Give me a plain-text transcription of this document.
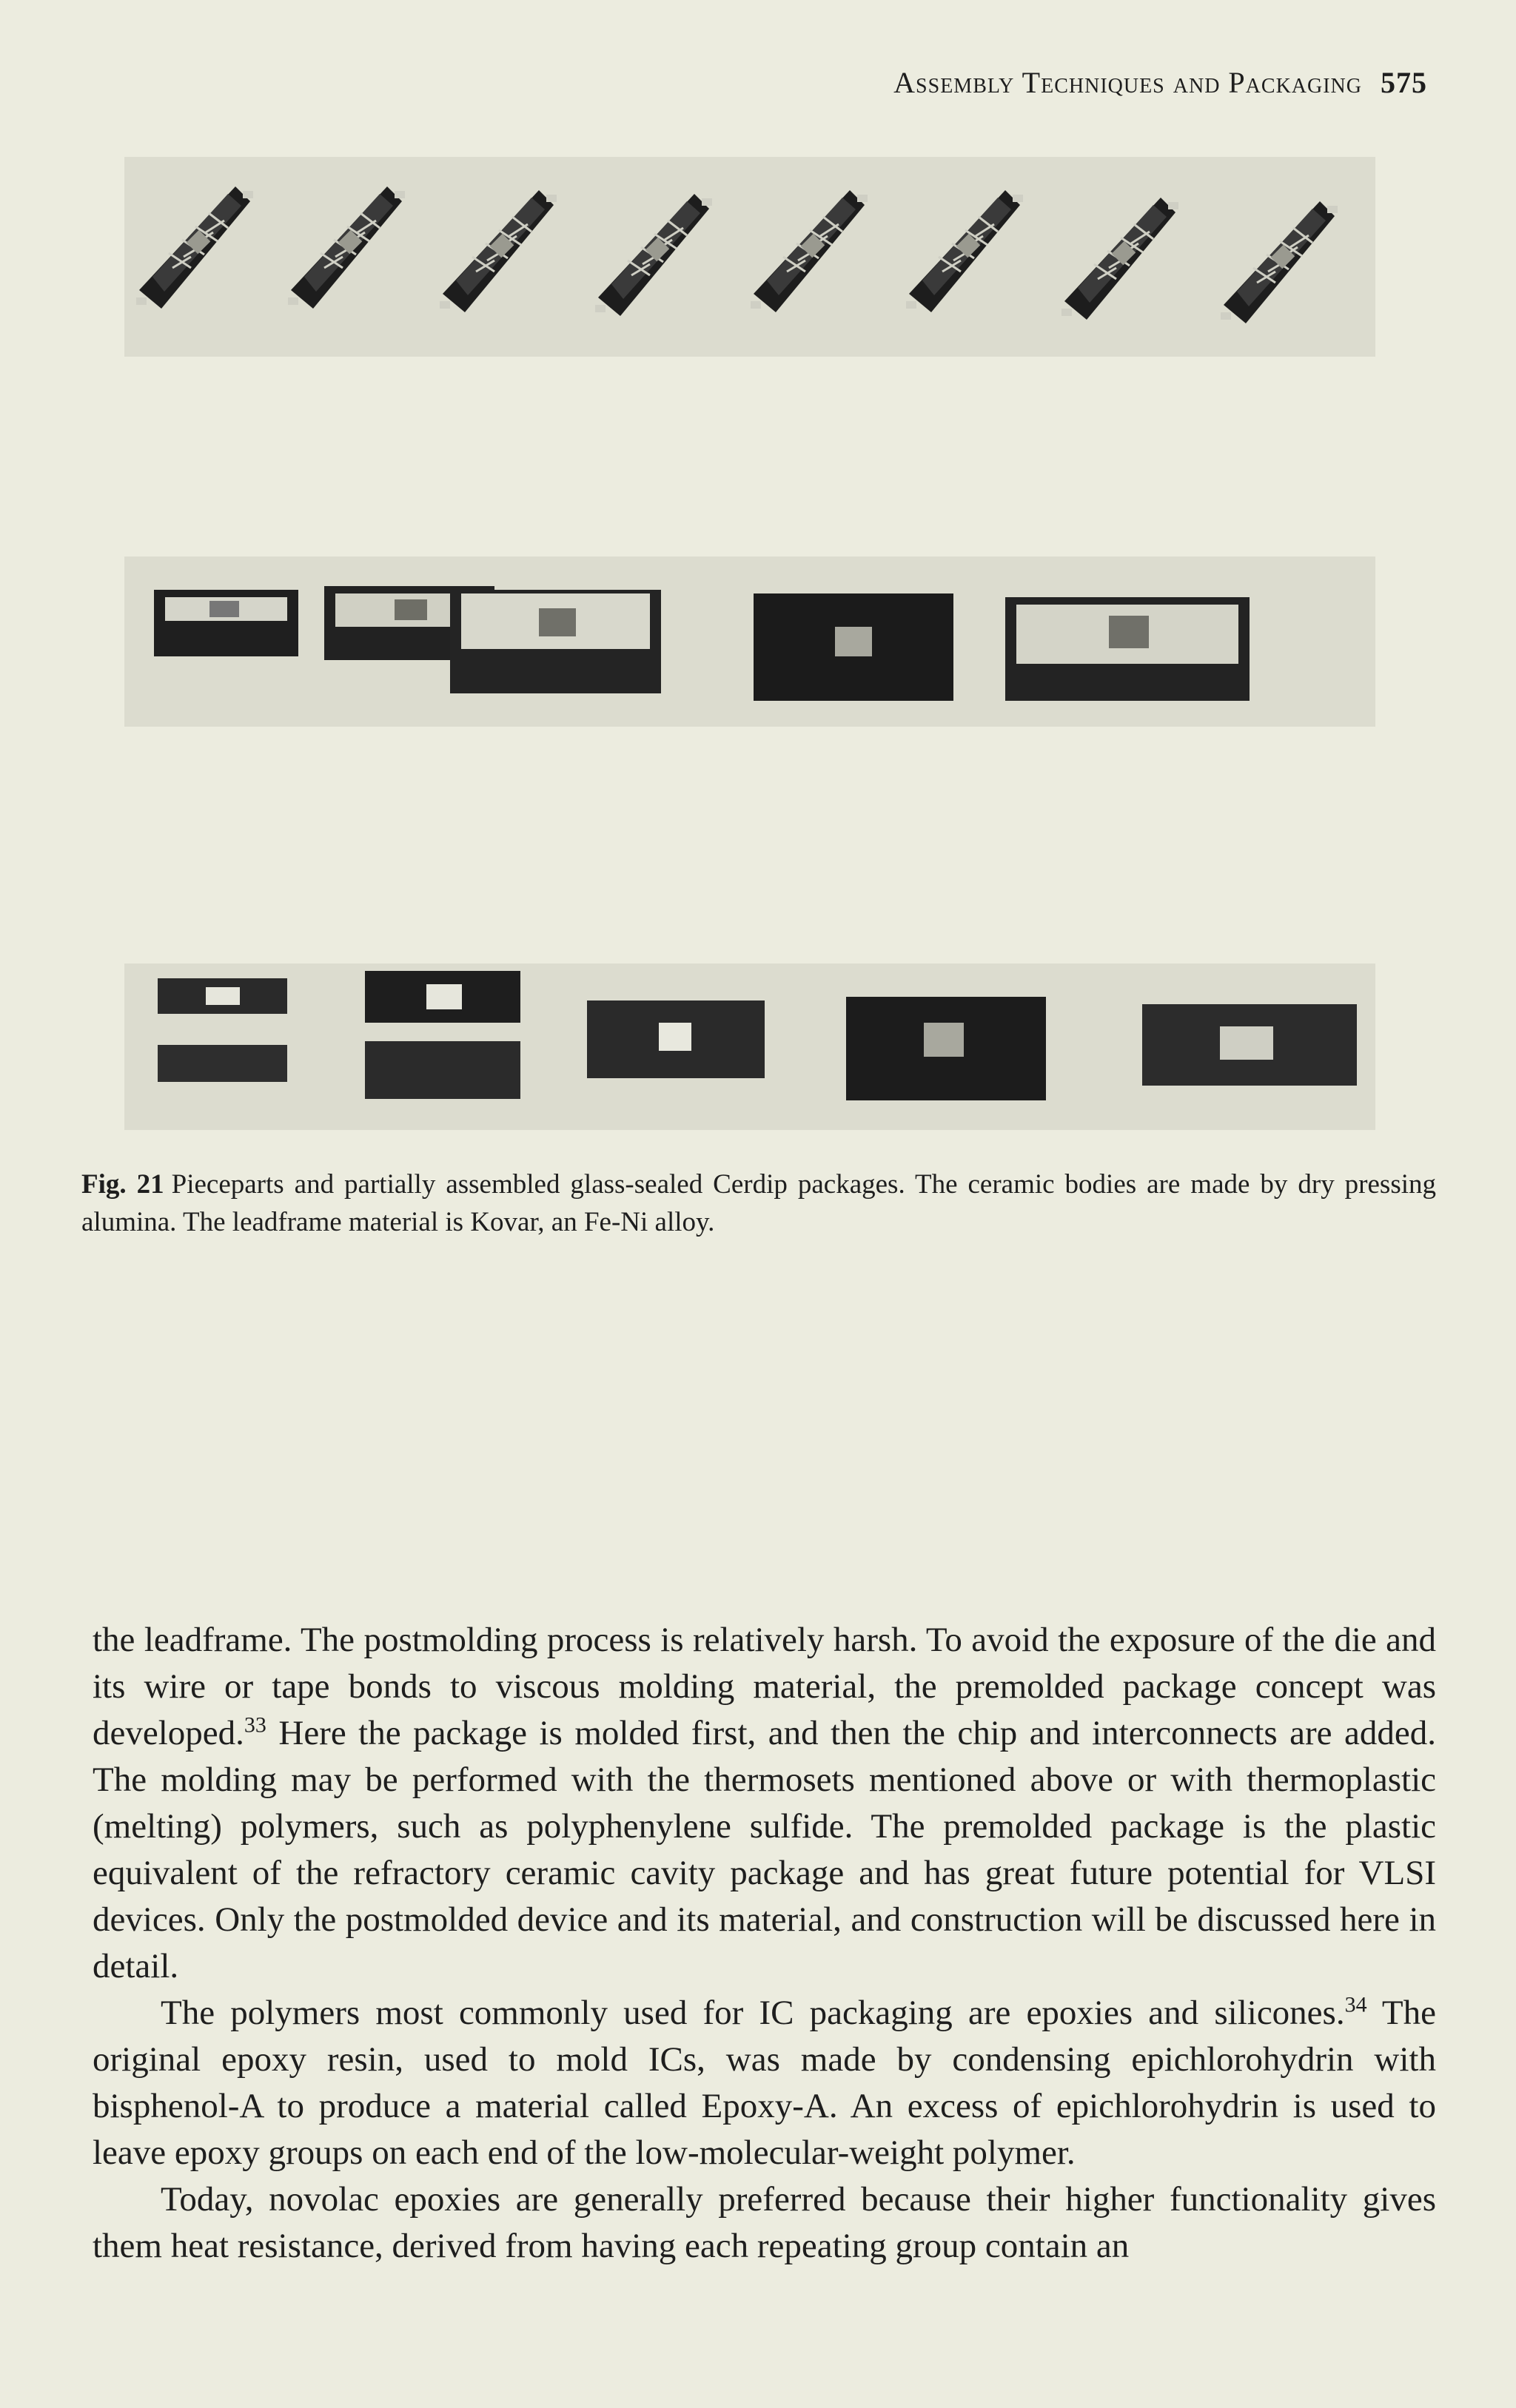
Assembly Techniques and Packaging 575
Fig. 21 Pieceparts and partially assembled glass-sealed Cerdip packages. The ceramic bodies are made by dry pressing alumina. The leadframe material is Kovar, an Fe-Ni alloy.

the leadframe. The postmolding process is relatively harsh. To avoid the exposure of the die and its wire or tape bonds to viscous molding material, the premolded package concept was developed.$^{33}$ Here the package is molded first, and then the chip and interconnects are added. The molding may be performed with the thermosets mentioned above or with thermoplastic (melting) polymers, such as polyphenylene sulfide. The premolded package is the plastic equivalent of the refractory ceramic cavity package and has great future potential for VLSI devices. Only the postmolded device and its material, and construction will be discussed here in detail.

The polymers most commonly used for IC packaging are epoxies and silicones.$^{34}$ The original epoxy resin, used to mold ICs, was made by condensing epichlorohydrin with bisphenol-A to produce a material called Epoxy-A. An excess of epichlorohydrin is used to leave epoxy groups on each end of the low-molecular-weight polymer.

Today, novolac epoxies are generally preferred because their higher functionality gives them heat resistance, derived from having each repeating group contain an
